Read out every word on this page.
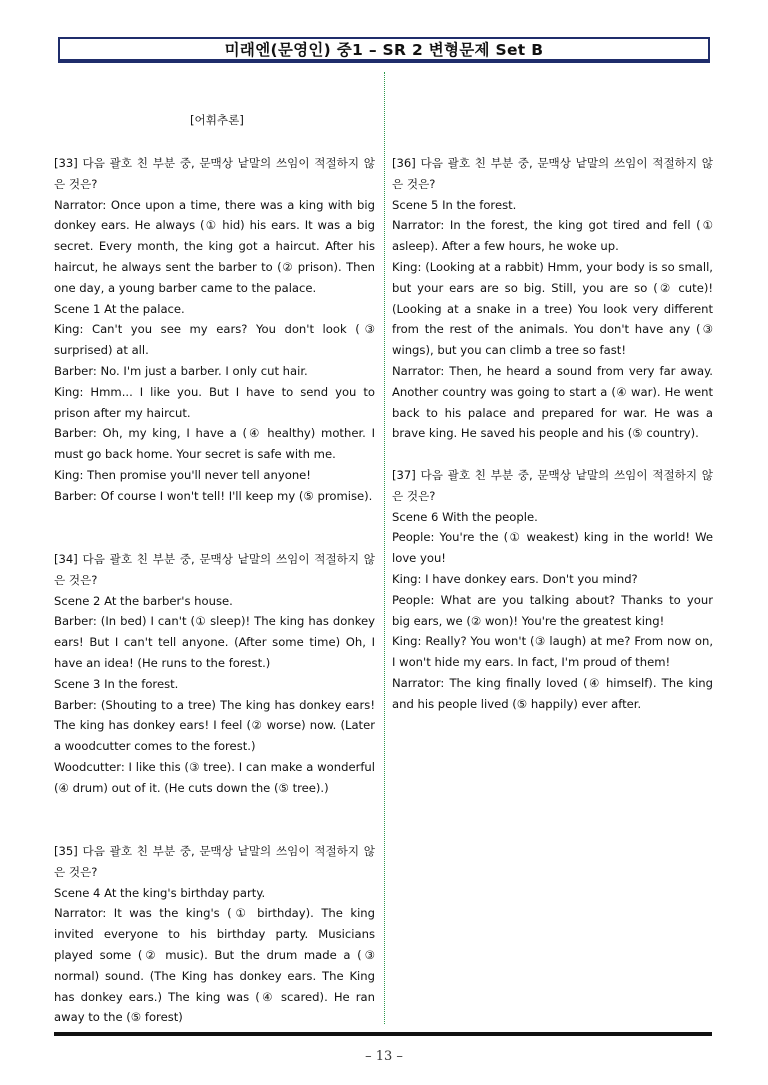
미래엔(문영인) 중1 – SR 2 변형문제 Set B
[어휘추론]

[33] 다음 괄호 친 부분 중, 문맥상 낱말의 쓰임이 적절하지 않은 것은?

Narrator: Once upon a time, there was a king with big donkey ears. He always (① hid) his ears. It was a big secret. Every month, the king got a haircut. After his haircut, he always sent the barber to (② prison). Then one day, a young barber came to the palace.

Scene 1 At the palace.

King: Can't you see my ears? You don't look (③ surprised) at all.

Barber: No. I'm just a barber. I only cut hair.

King: Hmm... I like you. But I have to send you to prison after my haircut.

Barber: Oh, my king, I have a (④ healthy) mother. I must go back home. Your secret is safe with me.

King: Then promise you'll never tell anyone!

Barber: Of course I won't tell! I'll keep my (⑤ promise).

[34] 다음 괄호 친 부분 중, 문맥상 낱말의 쓰임이 적절하지 않은 것은?

Scene 2 At the barber's house.

Barber: (In bed) I can't (① sleep)! The king has donkey ears! But I can't tell anyone. (After some time) Oh, I have an idea! (He runs to the forest.)

Scene 3 In the forest.

Barber: (Shouting to a tree) The king has donkey ears! The king has donkey ears! I feel (② worse) now. (Later a woodcutter comes to the forest.)

Woodcutter: I like this (③ tree). I can make a wonderful (④ drum) out of it. (He cuts down the (⑤ tree).)

[35] 다음 괄호 친 부분 중, 문맥상 낱말의 쓰임이 적절하지 않은 것은?

Scene 4 At the king's birthday party.

Narrator: It was the king's (① birthday). The king invited everyone to his birthday party. Musicians played some (② music). But the drum made a (③ normal) sound. (The King has donkey ears. The King has donkey ears.) The king was (④ scared). He ran away to the (⑤ forest)

[36] 다음 괄호 친 부분 중, 문맥상 낱말의 쓰임이 적절하지 않은 것은?

Scene 5 In the forest.

Narrator: In the forest, the king got tired and fell (① asleep). After a few hours, he woke up.

King: (Looking at a rabbit) Hmm, your body is so small, but your ears are so big. Still, you are so (② cute)! (Looking at a snake in a tree) You look very different from the rest of the animals. You don't have any (③ wings), but you can climb a tree so fast!

Narrator: Then, he heard a sound from very far away. Another country was going to start a (④ war). He went back to his palace and prepared for war. He was a brave king. He saved his people and his (⑤ country).

[37] 다음 괄호 친 부분 중, 문맥상 낱말의 쓰임이 적절하지 않은 것은?

Scene 6 With the people.

People: You're the (① weakest) king in the world! We love you!

King: I have donkey ears. Don't you mind?

People: What are you talking about? Thanks to your big ears, we (② won)! You're the greatest king!

King: Really? You won't (③ laugh) at me? From now on, I won't hide my ears. In fact, I'm proud of them!

Narrator: The king finally loved (④ himself). The king and his people lived (⑤ happily) ever after.

– 13 –
